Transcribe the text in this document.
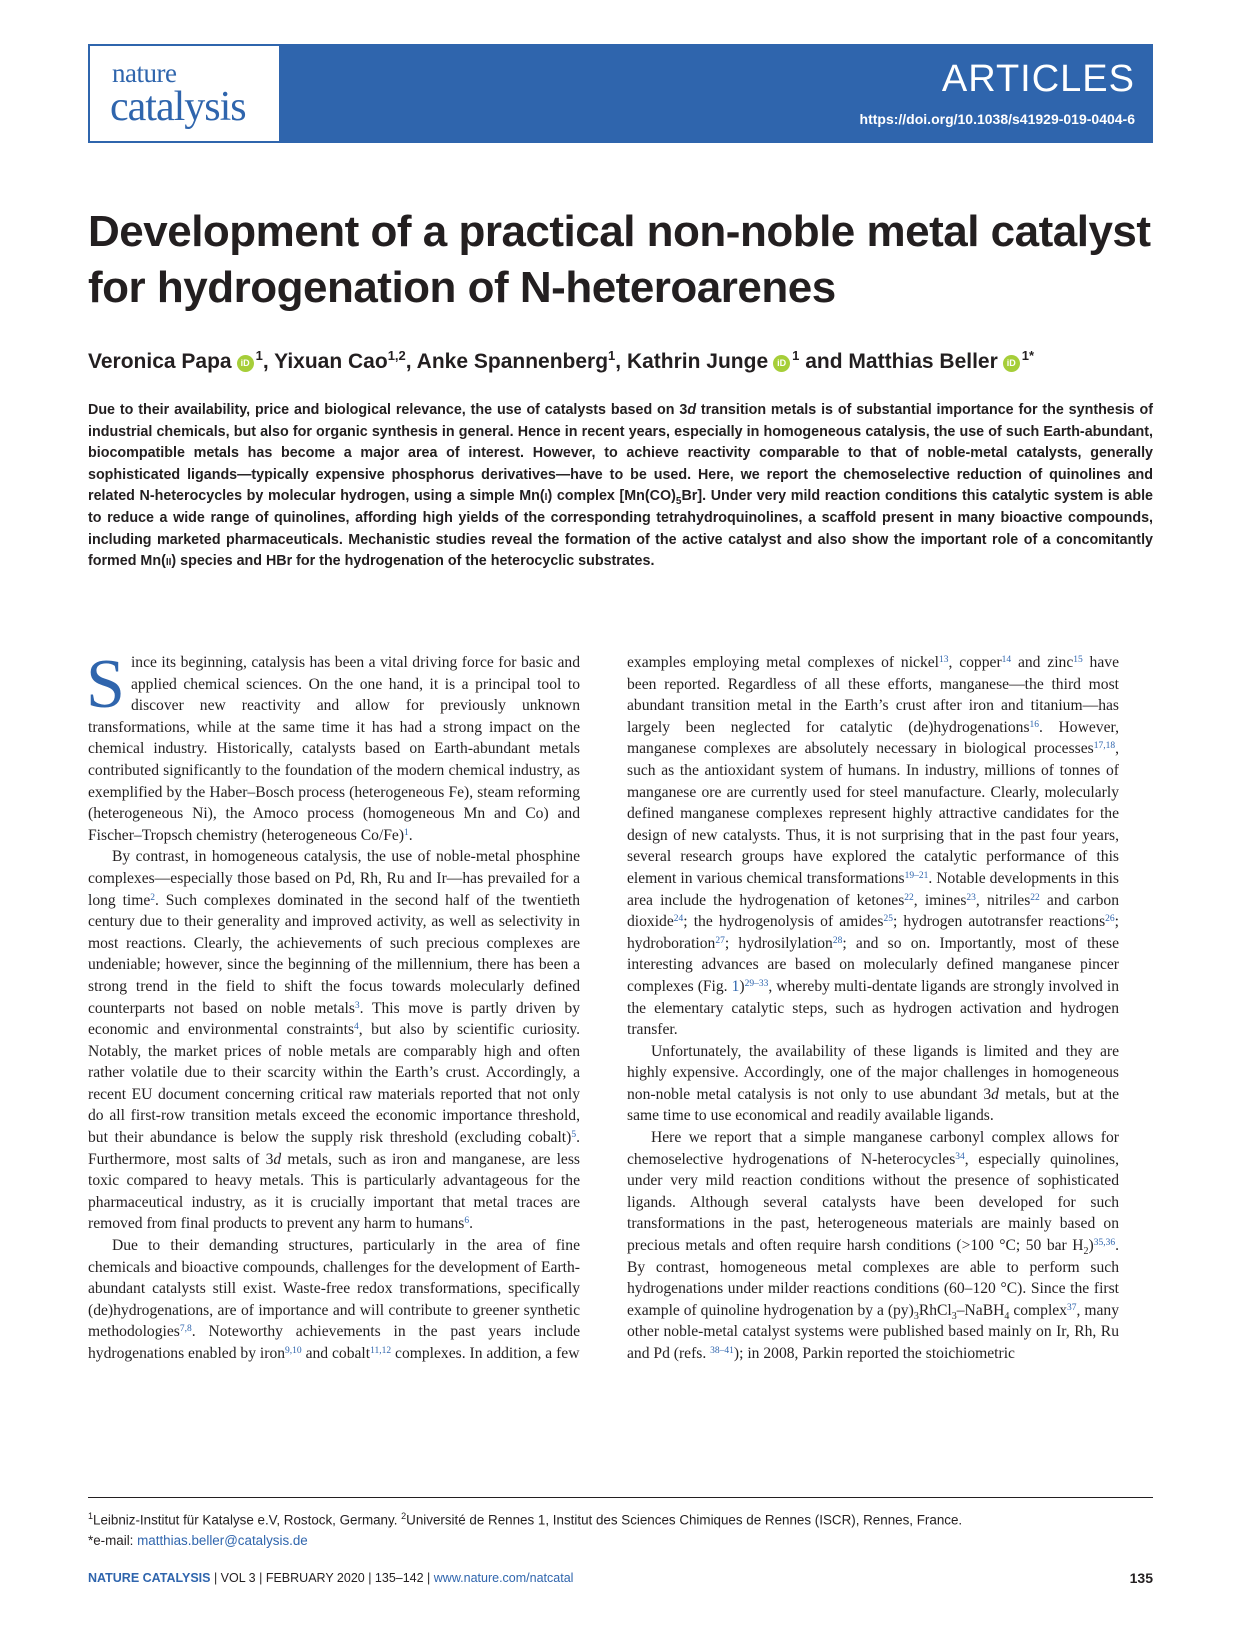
ARTICLES
https://doi.org/10.1038/s41929-019-0404-6
nature
catalysis
Development of a practical non-noble metal catalyst for hydrogenation of N-heteroarenes
Veronica Papa iD $^1$, Yixuan Cao$^{1,2}$, Anke Spannenberg$^1$, Kathrin Junge iD $^1$ and Matthias Beller iD $^{1*}$
Due to their availability, price and biological relevance, the use of catalysts based on 3d transition metals is of substantial importance for the synthesis of industrial chemicals, but also for organic synthesis in general. Hence in recent years, especially in homogeneous catalysis, the use of such Earth-abundant, biocompatible metals has become a major area of interest. However, to achieve reactivity comparable to that of noble-metal catalysts, generally sophisticated ligands—typically expensive phosphorus derivatives—have to be used. Here, we report the chemoselective reduction of quinolines and related N-heterocycles by molecular hydrogen, using a simple Mn(i) complex $[Mn(CO)_5Br]$. Under very mild reaction conditions this catalytic system is able to reduce a wide range of quinolines, affording high yields of the corresponding tetrahydroquinolines, a scaffold present in many bioactive compounds, including marketed pharmaceuticals. Mechanistic studies reveal the formation of the active catalyst and also show the important role of a concomitantly formed Mn(ii) species and HBr for the hydrogenation of the heterocyclic substrates.

Since its beginning, catalysis has been a vital driving force for basic and applied chemical sciences. On the one hand, it is a principal tool to discover new reactivity and allow for previously unknown transformations, while at the same time it has had a strong impact on the chemical industry. Historically, catalysts based on Earth-abundant metals contributed significantly to the foundation of the modern chemical industry, as exemplified by the Haber–Bosch process (heterogeneous Fe), steam reforming (heterogeneous Ni), the Amoco process (homogeneous Mn and Co) and Fischer–Tropsch chemistry (heterogeneous Co/Fe)$^1$.

By contrast, in homogeneous catalysis, the use of noble-metal phosphine complexes—especially those based on Pd, Rh, Ru and Ir—has prevailed for a long time$^2$. Such complexes dominated in the second half of the twentieth century due to their generality and improved activity, as well as selectivity in most reactions. Clearly, the achievements of such precious complexes are undeniable; however, since the beginning of the millennium, there has been a strong trend in the field to shift the focus towards molecularly defined counterparts not based on noble metals$^3$. This move is partly driven by economic and environmental constraints$^4$, but also by scientific curiosity. Notably, the market prices of noble metals are comparably high and often rather volatile due to their scarcity within the Earth’s crust. Accordingly, a recent EU document concerning critical raw materials reported that not only do all first-row transition metals exceed the economic importance threshold, but their abundance is below the supply risk threshold (excluding cobalt)$^5$. Furthermore, most salts of 3d metals, such as iron and manganese, are less toxic compared to heavy metals. This is particularly advantageous for the pharmaceutical industry, as it is crucially important that metal traces are removed from final products to prevent any harm to humans$^6$.

Due to their demanding structures, particularly in the area of fine chemicals and bioactive compounds, challenges for the development of Earth-abundant catalysts still exist. Waste-free redox transformations, specifically (de)hydrogenations, are of importance and will contribute to greener synthetic methodologies$^{7,8}$. Noteworthy achievements in the past years include hydrogenations enabled by iron$^{9,10}$ and cobalt$^{11,12}$ complexes. In addition, a few

examples employing metal complexes of nickel$^{13}$, copper$^{14}$ and zinc$^{15}$ have been reported. Regardless of all these efforts, manganese—the third most abundant transition metal in the Earth’s crust after iron and titanium—has largely been neglected for catalytic (de)hydrogenations$^{16}$. However, manganese complexes are absolutely necessary in biological processes$^{17,18}$, such as the antioxidant system of humans. In industry, millions of tonnes of manganese ore are currently used for steel manufacture. Clearly, molecularly defined manganese complexes represent highly attractive candidates for the design of new catalysts. Thus, it is not surprising that in the past four years, several research groups have explored the catalytic performance of this element in various chemical transformations$^{19-21}$. Notable developments in this area include the hydrogenation of ketones$^{22}$, imines$^{23}$, nitriles$^{22}$ and carbon dioxide$^{24}$; the hydrogenolysis of amides$^{25}$; hydrogen autotransfer reactions$^{26}$; hydroboration$^{27}$; hydrosilylation$^{28}$; and so on. Importantly, most of these interesting advances are based on molecularly defined manganese pincer complexes (Fig. 1)$^{29-33}$, whereby multi-dentate ligands are strongly involved in the elementary catalytic steps, such as hydrogen activation and hydrogen transfer.

Unfortunately, the availability of these ligands is limited and they are highly expensive. Accordingly, one of the major challenges in homogeneous non-noble metal catalysis is not only to use abundant 3d metals, but at the same time to use economical and readily available ligands.

Here we report that a simple manganese carbonyl complex allows for chemoselective hydrogenations of N-heterocycles$^{34}$, especially quinolines, under very mild reaction conditions without the presence of sophisticated ligands. Although several catalysts have been developed for such transformations in the past, heterogeneous materials are mainly based on precious metals and often require harsh conditions (>100 °C; 50 bar $H_2)^{35,36}$. By contrast, homogeneous metal complexes are able to perform such hydrogenations under milder reactions conditions (60–120 °C). Since the first example of quinoline hydrogenation by a $(py)_3RhCl_3-NaBH_4$ complex$^{37}$, many other noble-metal catalyst systems were published based mainly on Ir, Rh, Ru and Pd (refs. $^{38-41}$); in 2008, Parkin reported the stoichiometric

$^1$Leibniz-Institut für Katalyse e.V, Rostock, Germany. $^2$Université de Rennes 1, Institut des Sciences Chimiques de Rennes (ISCR), Rennes, France.
*e-mail: matthias.beller@catalysis.de
NATURE CATALYSIS | VOL 3 | FEBRUARY 2020 | 135–142 | www.nature.com/natcatal	135
